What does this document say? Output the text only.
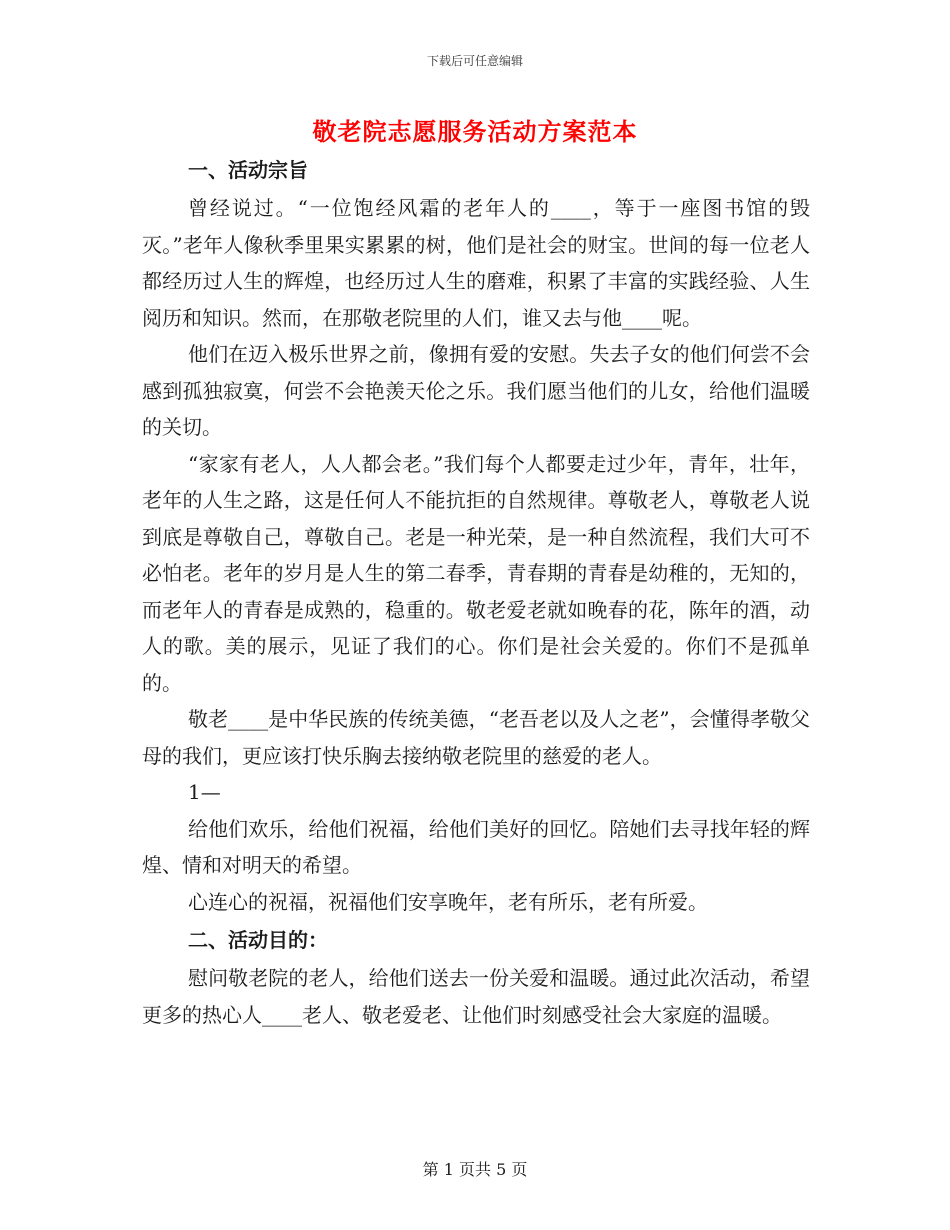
下载后可任意编辑
敬老院志愿服务活动方案范本
一、活动宗旨

曾经说过。“一位饱经风霜的老年人的____，等于一座图书馆的毁灭。”老年人像秋季里果实累累的树，他们是社会的财宝。世间的每一位老人都经历过人生的辉煌，也经历过人生的磨难，积累了丰富的实践经验、人生阅历和知识。然而，在那敬老院里的人们，谁又去与他____呢。

他们在迈入极乐世界之前，像拥有爱的安慰。失去子女的他们何尝不会感到孤独寂寞，何尝不会艳羡天伦之乐。我们愿当他们的儿女，给他们温暖的关切。

“家家有老人，人人都会老。”我们每个人都要走过少年，青年，壮年，老年的人生之路，这是任何人不能抗拒的自然规律。尊敬老人，尊敬老人说到底是尊敬自己，尊敬自己。老是一种光荣，是一种自然流程，我们大可不必怕老。老年的岁月是人生的第二春季，青春期的青春是幼稚的，无知的，而老年人的青春是成熟的，稳重的。敬老爱老就如晚春的花，陈年的酒，动人的歌。美的展示，见证了我们的心。你们是社会关爱的。你们不是孤单的。

敬老____是中华民族的传统美德，“老吾老以及人之老”，会懂得孝敬父母的我们，更应该打快乐胸去接纳敬老院里的慈爱的老人。

1—

给他们欢乐，给他们祝福，给他们美好的回忆。陪她们去寻找年轻的辉煌、情和对明天的希望。

心连心的祝福，祝福他们安享晚年，老有所乐，老有所爱。

二、活动目的：

慰问敬老院的老人，给他们送去一份关爱和温暖。通过此次活动，希望更多的热心人____老人、敬老爱老、让他们时刻感受社会大家庭的温暖。

第 1 页共 5 页
